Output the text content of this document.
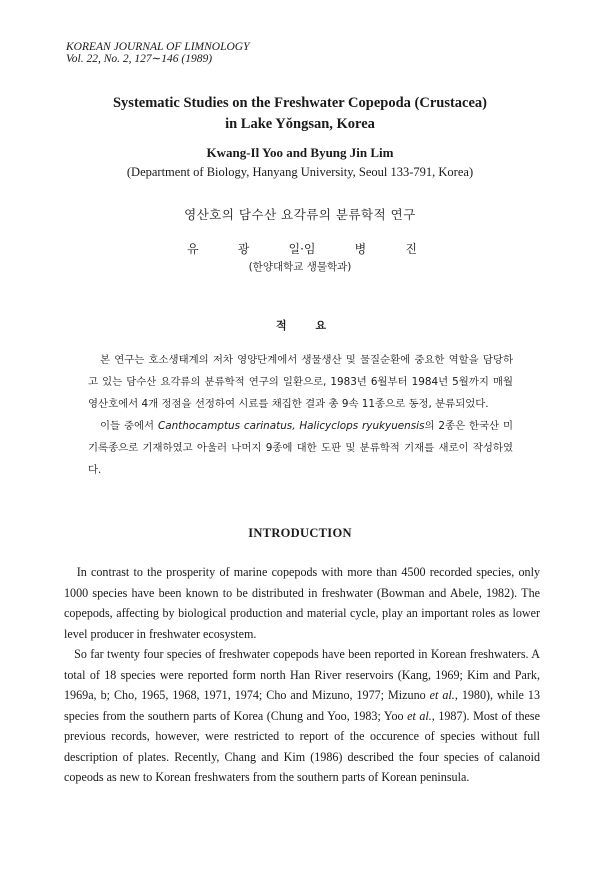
KOREAN JOURNAL OF LIMNOLOGY
Vol. 22, No. 2, 127∼146 (1989)
Systematic Studies on the Freshwater Copepoda (Crustacea)
in Lake Yŏngsan, Korea
Kwang-Il Yoo and Byung Jin Lim
(Department of Biology, Hanyang University, Seoul 133-791, Korea)
영산호의 담수산 요각류의 분류학적 연구
유	광	일·임	병	진
(한양대학교 생물학과)
적	요

본 연구는 호소생태계의 저차 영양단계에서 생물생산 및 물질순환에 중요한 역할을 담당하고 있는 담수산 요각류의 분류학적 연구의 일환으로, 1983년 6월부터 1984년 5월까지 매월 영산호에서 4개 정점을 선정하여 시료를 채집한 결과 총 9속 11종으로 동정, 분류되었다.

이들 중에서 Canthocamptus carinatus, Halicyclops ryukyuensis의 2종은 한국산 미기록종으로 기재하였고 아울러 나머지 9종에 대한 도판 및 분류학적 기재를 새로이 작성하였다.

INTRODUCTION

In contrast to the prosperity of marine copepods with more than 4500 recorded species, only 1000 species have been known to be distributed in freshwater (Bowman and Abele, 1982). The copepods, affecting by biological production and material cycle, play an important roles as lower level producer in freshwater ecosystem.

So far twenty four species of freshwater copepods have been reported in Korean freshwaters. A total of 18 species were reported form north Han River reservoirs (Kang, 1969; Kim and Park, 1969a, b; Cho, 1965, 1968, 1971, 1974; Cho and Mizuno, 1977; Mizuno et al., 1980), while 13 species from the southern parts of Korea (Chung and Yoo, 1983; Yoo et al., 1987). Most of these previous records, however, were restricted to report of the occurence of species without full description of plates. Recently, Chang and Kim (1986) described the four species of calanoid copeods as new to Korean freshwaters from the southern parts of Korean peninsula.
